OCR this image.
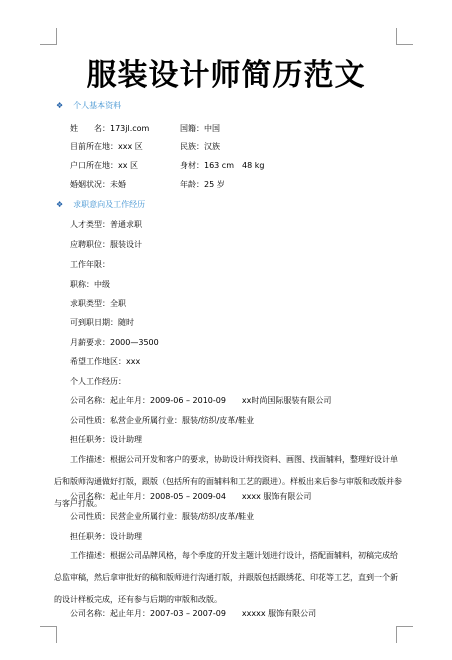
服装设计师简历范文
❖ 个人基本资料
姓　　名：173jl.com	国籍：中国
目前所在地：xxx 区	民族：汉族
户口所在地：xx 区	身材：163 cm　48 kg
婚姻状况：未婚	年龄：25 岁
❖ 求职意向及工作经历
人才类型：普通求职
应聘职位：服装设计
工作年限：
职称：中级
求职类型：全职
可到职日期：随时
月薪要求：2000—3500
希望工作地区：xxx
个人工作经历：
公司名称：起止年月：2009-06 – 2010-09　　xx时尚国际服装有限公司
公司性质：私营企业所属行业：服装/纺织/皮革/鞋业
担任职务：设计助理
工作描述：根据公司开发和客户的要求，协助设计师找资料、画图、找面辅料，整理好设计单后和版师沟通做好打版，跟版（包括所有的面辅料和工艺的跟进）。样板出来后参与审版和改版并参与客户打版。
公司名称：起止年月：2008-05 – 2009-04　　xxxx 服饰有限公司
公司性质：民营企业所属行业：服装/纺织/皮革/鞋业
担任职务：设计助理
工作描述：根据公司品牌风格，每个季度的开发主题计划进行设计，搭配面辅料，初稿完成给总监审稿，然后拿审批好的稿和版师进行沟通打版，并跟版包括跟绣花、印花等工艺，直到一个新的设计样板完成，还有参与后期的审版和改版。
公司名称：起止年月：2007-03 – 2007-09　　xxxxx 服饰有限公司
